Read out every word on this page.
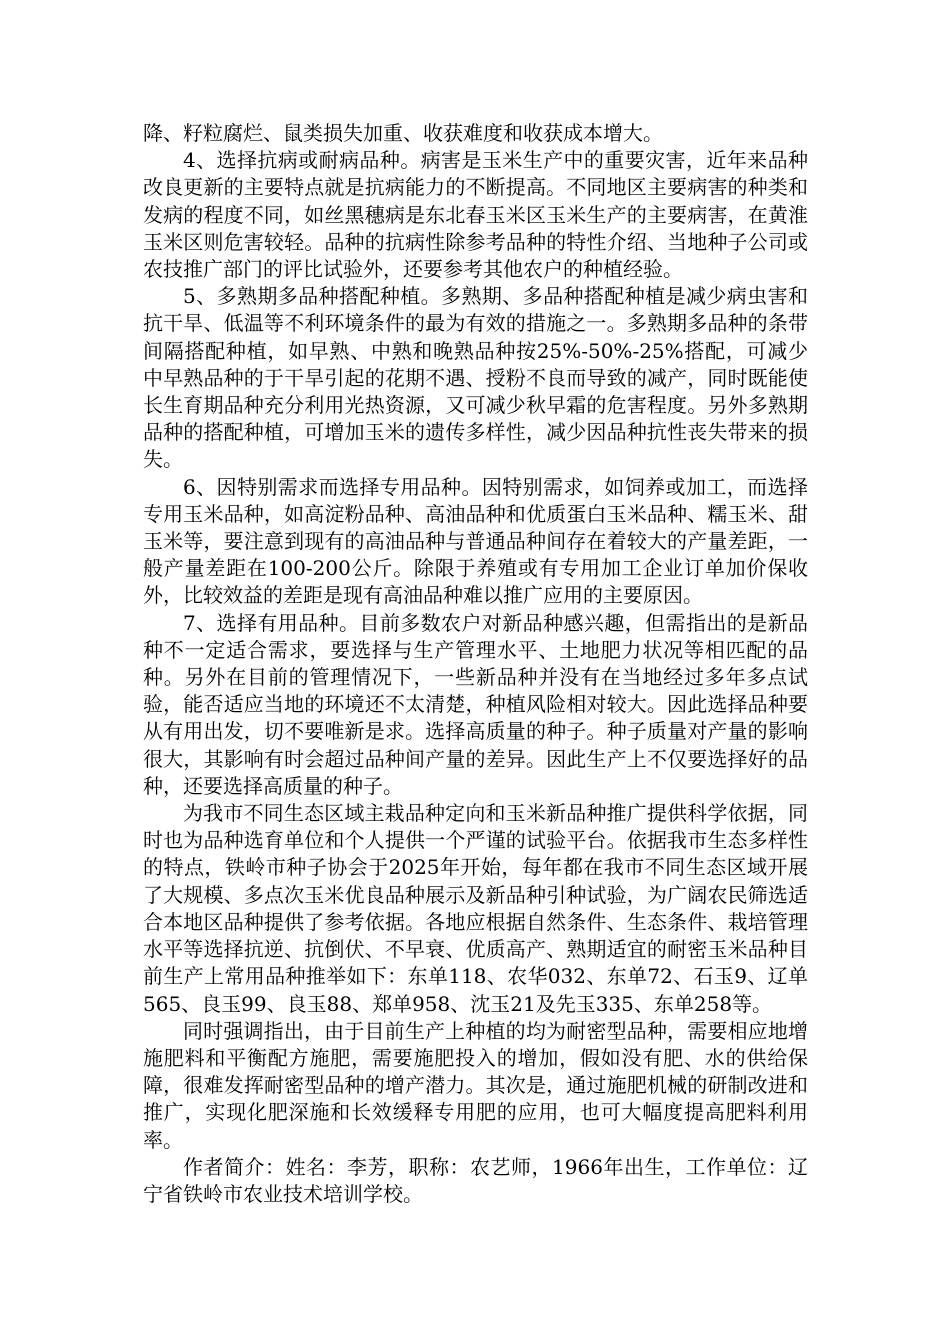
降、籽粒腐烂、鼠类损失加重、收获难度和收获成本增大。

4、选择抗病或耐病品种。病害是玉米生产中的重要灾害，近年来品种改良更新的主要特点就是抗病能力的不断提高。不同地区主要病害的种类和发病的程度不同，如丝黑穗病是东北春玉米区玉米生产的主要病害，在黄淮玉米区则危害较轻。品种的抗病性除参考品种的特性介绍、当地种子公司或农技推广部门的评比试验外，还要参考其他农户的种植经验。

5、多熟期多品种搭配种植。多熟期、多品种搭配种植是减少病虫害和抗干旱、低温等不利环境条件的最为有效的措施之一。多熟期多品种的条带间隔搭配种植，如早熟、中熟和晚熟品种按25%-50%-25%搭配，可减少中早熟品种的于干旱引起的花期不遇、授粉不良而导致的减产，同时既能使长生育期品种充分利用光热资源，又可减少秋早霜的危害程度。另外多熟期品种的搭配种植，可增加玉米的遗传多样性，减少因品种抗性丧失带来的损失。

6、因特别需求而选择专用品种。因特别需求，如饲养或加工，而选择专用玉米品种，如高淀粉品种、高油品种和优质蛋白玉米品种、糯玉米、甜玉米等，要注意到现有的高油品种与普通品种间存在着较大的产量差距，一般产量差距在100-200公斤。除限于养殖或有专用加工企业订单加价保收外，比较效益的差距是现有高油品种难以推广应用的主要原因。

7、选择有用品种。目前多数农户对新品种感兴趣，但需指出的是新品种不一定适合需求，要选择与生产管理水平、土地肥力状况等相匹配的品种。另外在目前的管理情况下，一些新品种并没有在当地经过多年多点试验，能否适应当地的环境还不太清楚，种植风险相对较大。因此选择品种要从有用出发，切不要唯新是求。选择高质量的种子。种子质量对产量的影响很大，其影响有时会超过品种间产量的差异。因此生产上不仅要选择好的品种，还要选择高质量的种子。

为我市不同生态区域主栽品种定向和玉米新品种推广提供科学依据，同时也为品种选育单位和个人提供一个严谨的试验平台。依据我市生态多样性的特点，铁岭市种子协会于2025年开始，每年都在我市不同生态区域开展了大规模、多点次玉米优良品种展示及新品种引种试验，为广阔农民筛选适合本地区品种提供了参考依据。各地应根据自然条件、生态条件、栽培管理水平等选择抗逆、抗倒伏、不早衰、优质高产、熟期适宜的耐密玉米品种目前生产上常用品种推举如下：东单118、农华032、东单72、石玉9、辽单565、良玉99、良玉88、郑单958、沈玉21及先玉335、东单258等。

同时强调指出，由于目前生产上种植的均为耐密型品种，需要相应地增施肥料和平衡配方施肥，需要施肥投入的增加，假如没有肥、水的供给保障，很难发挥耐密型品种的增产潜力。其次是，通过施肥机械的研制改进和推广，实现化肥深施和长效缓释专用肥的应用，也可大幅度提高肥料利用率。

作者简介：姓名：李芳，职称：农艺师，1966年出生，工作单位：辽宁省铁岭市农业技术培训学校。
